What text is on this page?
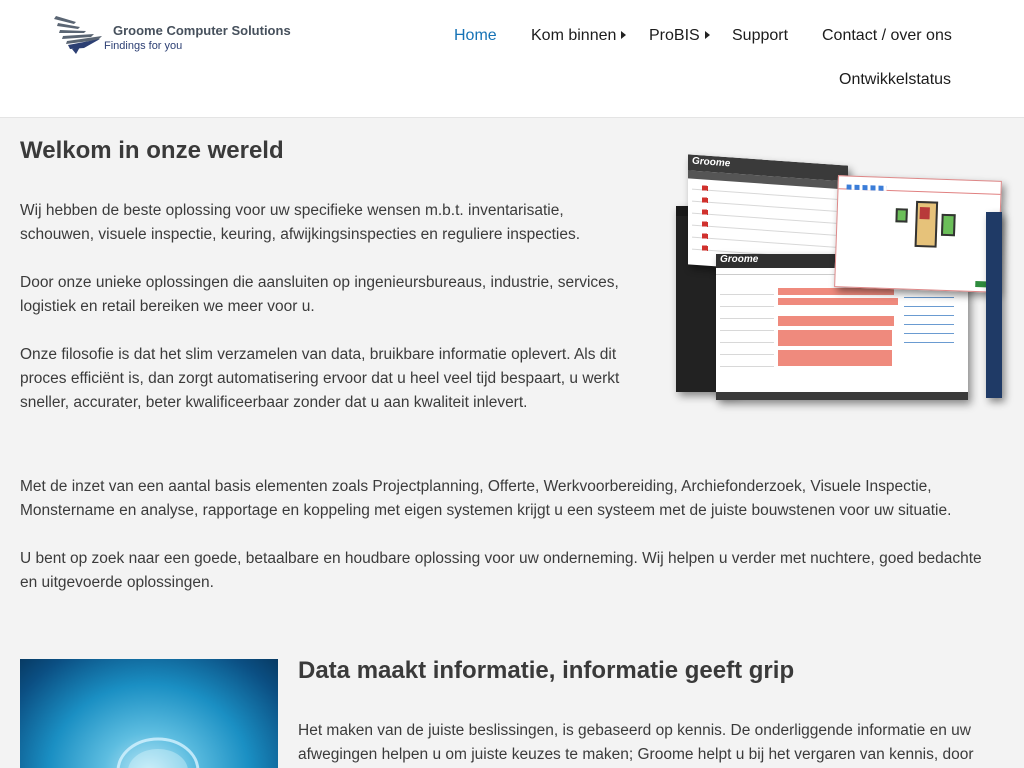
Groome Computer Solutions
Findings for you
Home Kom binnen	ProBIS	Support Contact / over ons
Ontwikkelstatus
Welkom in onze wereld
Wij hebben de beste oplossing voor uw specifieke wensen m.b.t. inventarisatie,
schouwen, visuele inspectie, keuring, afwijkingsinspecties en reguliere inspecties.
Door onze unieke oplossingen die aansluiten op ingenieursbureaus, industrie, services,
logistiek en retail bereiken we meer voor u.
Onze filosofie is dat het slim verzamelen van data, bruikbare informatie oplevert. Als dit
proces efficiënt is, dan zorgt automatisering ervoor dat u heel veel tijd bespaart, u werkt
sneller, accurater, beter kwalificeerbaar zonder dat u aan kwaliteit inlevert.
Groome
Groome
Met de inzet van een aantal basis elementen zoals Projectplanning, Offerte, Werkvoorbereiding, Archiefonderzoek, Visuele Inspectie,
Monstername en analyse, rapportage en koppeling met eigen systemen krijgt u een systeem met de juiste bouwstenen voor uw situatie.
U bent op zoek naar een goede, betaalbare en houdbare oplossing voor uw onderneming. Wij helpen u verder met nuchtere, goed bedachte
en uitgevoerde oplossingen.
Data maakt informatie, informatie geeft grip
Het maken van de juiste beslissingen, is gebaseerd op kennis. De onderliggende informatie en uw
afwegingen helpen u om juiste keuzes te maken; Groome helpt u bij het vergaren van kennis, door
